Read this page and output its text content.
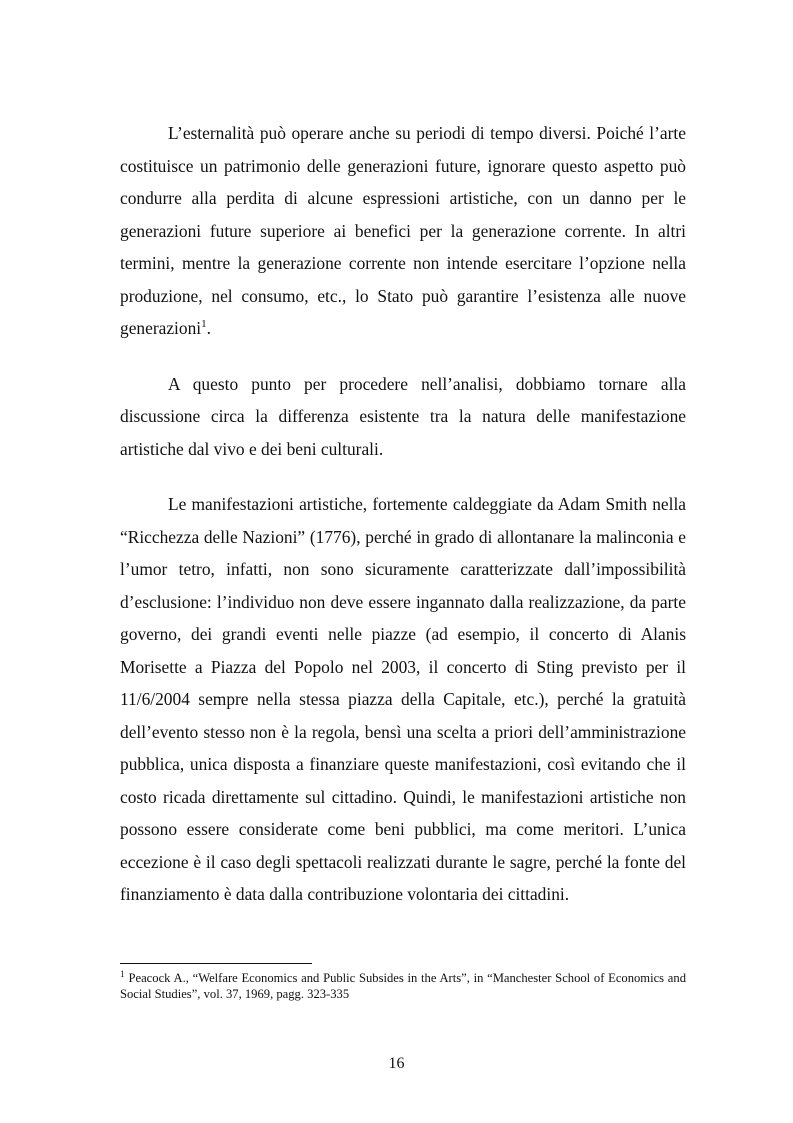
L’esternalità può operare anche su periodi di tempo diversi. Poiché l’arte costituisce un patrimonio delle generazioni future, ignorare questo aspetto può condurre alla perdita di alcune espressioni artistiche, con un danno per le generazioni future superiore ai benefici per la generazione corrente. In altri termini, mentre la generazione corrente non intende esercitare l’opzione nella produzione, nel consumo, etc., lo Stato può garantire l’esistenza alle nuove generazioni$^1$.

A questo punto per procedere nell’analisi, dobbiamo tornare alla discussione circa la differenza esistente tra la natura delle manifestazione artistiche dal vivo e dei beni culturali.

Le manifestazioni artistiche, fortemente caldeggiate da Adam Smith nella “Ricchezza delle Nazioni” (1776), perché in grado di allontanare la malinconia e l’umor tetro, infatti, non sono sicuramente caratterizzate dall’impossibilità d’esclusione: l’individuo non deve essere ingannato dalla realizzazione, da parte governo, dei grandi eventi nelle piazze (ad esempio, il concerto di Alanis Morisette a Piazza del Popolo nel 2003, il concerto di Sting previsto per il 11/6/2004 sempre nella stessa piazza della Capitale, etc.), perché la gratuità dell’evento stesso non è la regola, bensì una scelta a priori dell’amministrazione pubblica, unica disposta a finanziare queste manifestazioni, così evitando che il costo ricada direttamente sul cittadino. Quindi, le manifestazioni artistiche non possono essere considerate come beni pubblici, ma come meritori. L’unica eccezione è il caso degli spettacoli realizzati durante le sagre, perché la fonte del finanziamento è data dalla contribuzione volontaria dei cittadini.

$^1$ Peacock A., “Welfare Economics and Public Subsides in the Arts”, in “Manchester School of Economics and Social Studies”, vol. 37, 1969, pagg. 323-335
16
